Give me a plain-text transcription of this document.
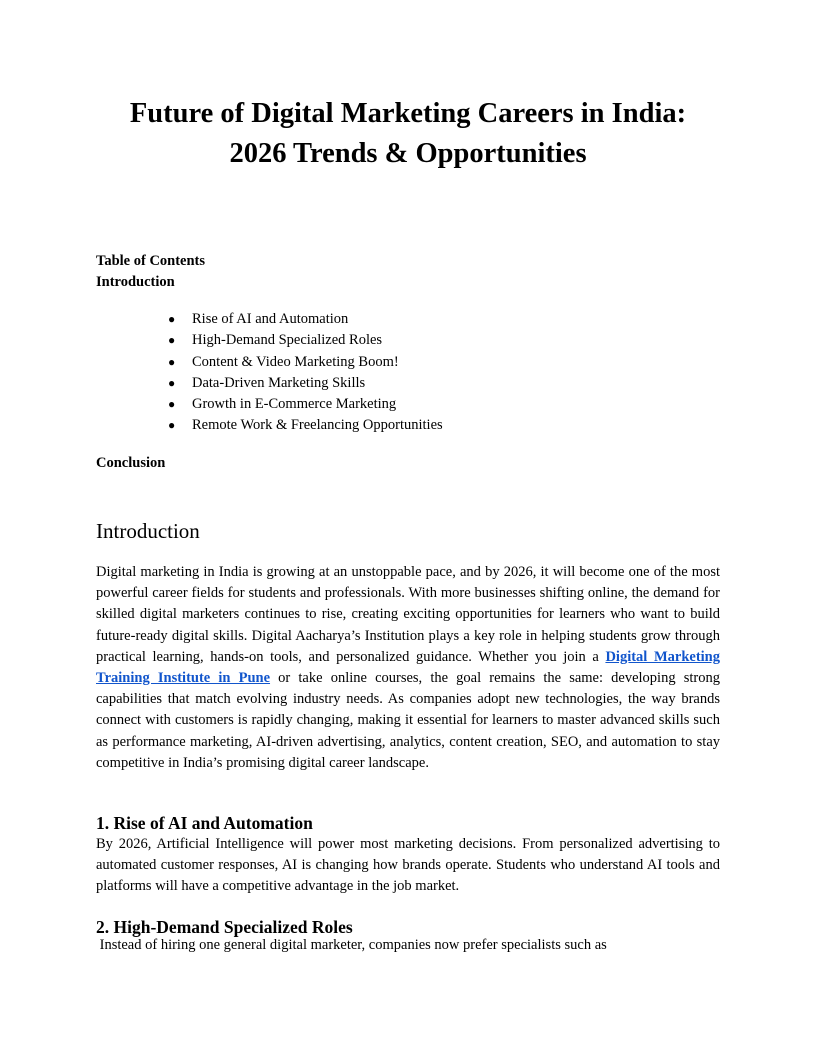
Future of Digital Marketing Careers in India:
2026 Trends & Opportunities

Table of Contents

Introduction

● Rise of AI and Automation
● High-Demand Specialized Roles
● Content & Video Marketing Boom!
● Data-Driven Marketing Skills
● Growth in E-Commerce Marketing
● Remote Work & Freelancing Opportunities

Conclusion

Introduction

Digital marketing in India is growing at an unstoppable pace, and by 2026, it will become one of the most powerful career fields for students and professionals. With more businesses shifting online, the demand for skilled digital marketers continues to rise, creating exciting opportunities for learners who want to build future-ready digital skills. Digital Aacharya’s Institution plays a key role in helping students grow through practical learning, hands-on tools, and personalized guidance. Whether you join a Digital Marketing Training Institute in Pune or take online courses, the goal remains the same: developing strong capabilities that match evolving industry needs. As companies adopt new technologies, the way brands connect with customers is rapidly changing, making it essential for learners to master advanced skills such as performance marketing, AI-driven advertising, analytics, content creation, SEO, and automation to stay competitive in India’s promising digital career landscape.

1. Rise of AI and Automation

By 2026, Artificial Intelligence will power most marketing decisions. From personalized advertising to automated customer responses, AI is changing how brands operate. Students who understand AI tools and platforms will have a competitive advantage in the job market.

2. High-Demand Specialized Roles

Instead of hiring one general digital marketer, companies now prefer specialists such as
